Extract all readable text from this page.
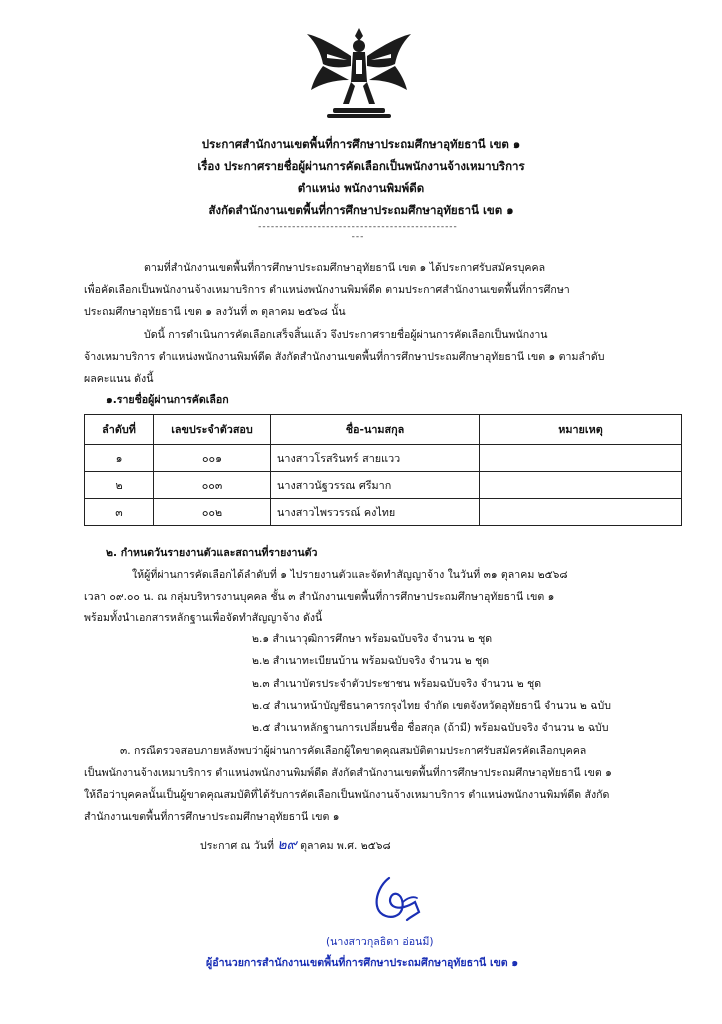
ประกาศสำนักงานเขตพื้นที่การศึกษาประถมศึกษาอุทัยธานี เขต ๑
เรื่อง ประกาศรายชื่อผู้ผ่านการคัดเลือกเป็นพนักงานจ้างเหมาบริการ
ตำแหน่ง พนักงานพิมพ์ดีด
สังกัดสำนักงานเขตพื้นที่การศึกษาประถมศึกษาอุทัยธานี เขต ๑
--------------------------------------------------
ตามที่สำนักงานเขตพื้นที่การศึกษาประถมศึกษาอุทัยธานี เขต ๑ ได้ประกาศรับสมัครบุคคล
เพื่อคัดเลือกเป็นพนักงานจ้างเหมาบริการ ตำแหน่งพนักงานพิมพ์ดีด ตามประกาศสำนักงานเขตพื้นที่การศึกษา
ประถมศึกษาอุทัยธานี เขต ๑ ลงวันที่ ๓ ตุลาคม ๒๕๖๘ นั้น
บัดนี้ การดำเนินการคัดเลือกเสร็จสิ้นแล้ว จึงประกาศรายชื่อผู้ผ่านการคัดเลือกเป็นพนักงาน
จ้างเหมาบริการ ตำแหน่งพนักงานพิมพ์ดีด สังกัดสำนักงานเขตพื้นที่การศึกษาประถมศึกษาอุทัยธานี เขต ๑ ตามลำดับ
ผลคะแนน ดังนี้
๑.รายชื่อผู้ผ่านการคัดเลือก
ลำดับที่	เลขประจำตัวสอบ	ชื่อ-นามสกุล	หมายเหตุ
๑	๐๐๑	นางสาวโรสรินทร์ สายแวว	
๒	๐๐๓	นางสาวนัฐวรรณ ศรีมาก	
๓	๐๐๒	นางสาวไพรวรรณ์ คงไทย	
๒. กำหนดวันรายงานตัวและสถานที่รายงานตัว
ให้ผู้ที่ผ่านการคัดเลือกได้ลำดับที่ ๑ ไปรายงานตัวและจัดทำสัญญาจ้าง ในวันที่ ๓๑ ตุลาคม ๒๕๖๘
เวลา ๐๙.๐๐ น. ณ กลุ่มบริหารงานบุคคล ชั้น ๓ สำนักงานเขตพื้นที่การศึกษาประถมศึกษาอุทัยธานี เขต ๑
พร้อมทั้งนำเอกสารหลักฐานเพื่อจัดทำสัญญาจ้าง ดังนี้
๒.๑ สำเนาวุฒิการศึกษา พร้อมฉบับจริง จำนวน ๒ ชุด
๒.๒ สำเนาทะเบียนบ้าน พร้อมฉบับจริง จำนวน ๒ ชุด
๒.๓ สำเนาบัตรประจำตัวประชาชน พร้อมฉบับจริง จำนวน ๒ ชุด
๒.๔ สำเนาหน้าบัญชีธนาคารกรุงไทย จำกัด เขตจังหวัดอุทัยธานี จำนวน ๒ ฉบับ
๒.๕ สำเนาหลักฐานการเปลี่ยนชื่อ ชื่อสกุล (ถ้ามี) พร้อมฉบับจริง จำนวน ๒ ฉบับ
๓. กรณีตรวจสอบภายหลังพบว่าผู้ผ่านการคัดเลือกผู้ใดขาดคุณสมบัติตามประกาศรับสมัครคัดเลือกบุคคล
เป็นพนักงานจ้างเหมาบริการ ตำแหน่งพนักงานพิมพ์ดีด สังกัดสำนักงานเขตพื้นที่การศึกษาประถมศึกษาอุทัยธานี เขต ๑
ให้ถือว่าบุคคลนั้นเป็นผู้ขาดคุณสมบัติที่ได้รับการคัดเลือกเป็นพนักงานจ้างเหมาบริการ ตำแหน่งพนักงานพิมพ์ดีด สังกัด
สำนักงานเขตพื้นที่การศึกษาประถมศึกษาอุทัยธานี เขต ๑
ประกาศ ณ วันที่ ๒๙ ตุลาคม พ.ศ. ๒๕๖๘
(นางสาวกุลธิดา อ่อนมี)
ผู้อำนวยการสำนักงานเขตพื้นที่การศึกษาประถมศึกษาอุทัยธานี เขต ๑
